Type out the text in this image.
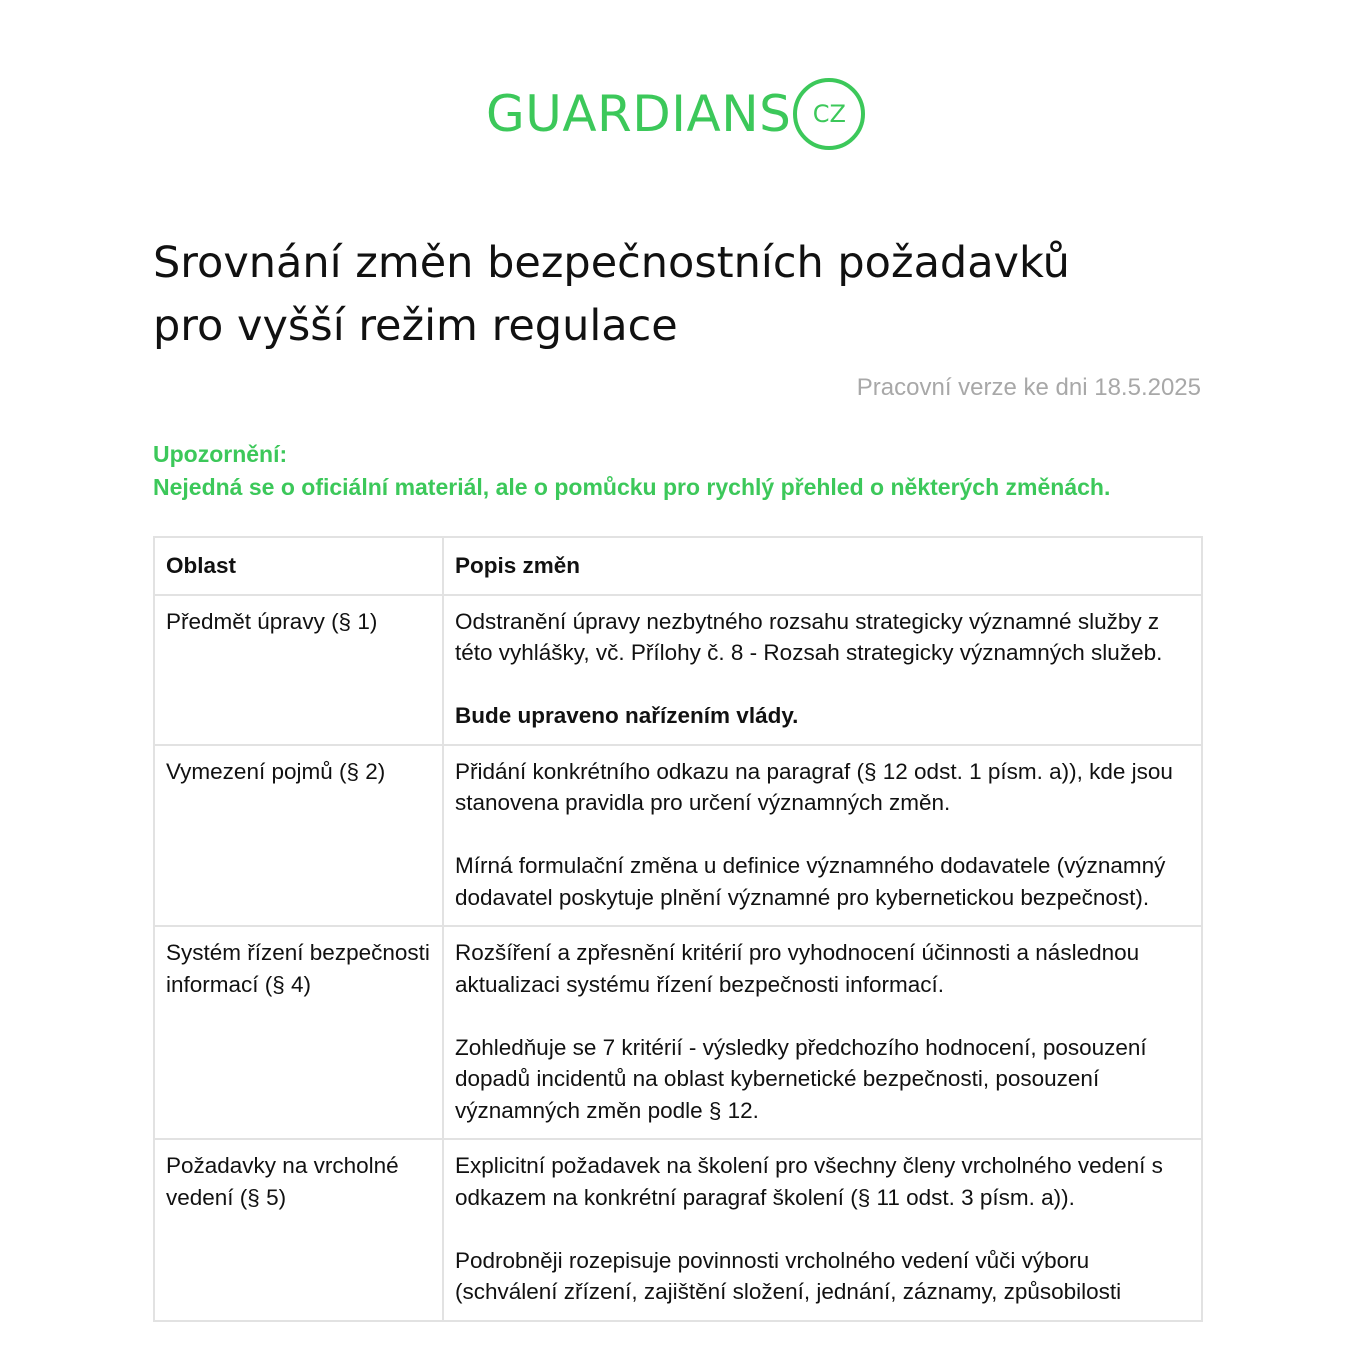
GUARDIANS CZ
Srovnání změn bezpečnostních požadavků
pro vyšší režim regulace
Pracovní verze ke dni 18.5.2025
Upozornění:
Nejedná se o oficiální materiál, ale o pomůcku pro rychlý přehled o některých změnách.
Oblast	Popis změn
Předmět úpravy (§ 1)	Odstranění úpravy nezbytného rozsahu strategicky významné služby z této vyhlášky, vč. Přílohy č. 8 - Rozsah strategicky významných služeb.

Bude upraveno nařízením vlády.

Vymezení pojmů (§ 2)	Přidání konkrétního odkazu na paragraf (§ 12 odst. 1 písm. a)), kde jsou stanovena pravidla pro určení významných změn.

Mírná formulační změna u definice významného dodavatele (významný dodavatel poskytuje plnění významné pro kybernetickou bezpečnost).

Systém řízení bezpečnosti informací (§ 4)	Rozšíření a zpřesnění kritérií pro vyhodnocení účinnosti a následnou aktualizaci systému řízení bezpečnosti informací.

Zohledňuje se 7 kritérií - výsledky předchozího hodnocení, posouzení dopadů incidentů na oblast kybernetické bezpečnosti, posouzení významných změn podle § 12.

Požadavky na vrcholné vedení (§ 5)	Explicitní požadavek na školení pro všechny členy vrcholného vedení s odkazem na konkrétní paragraf školení (§ 11 odst. 3 písm. a)).

Podrobněji rozepisuje povinnosti vrcholného vedení vůči výboru (schválení zřízení, zajištění složení, jednání, záznamy, způsobilosti
